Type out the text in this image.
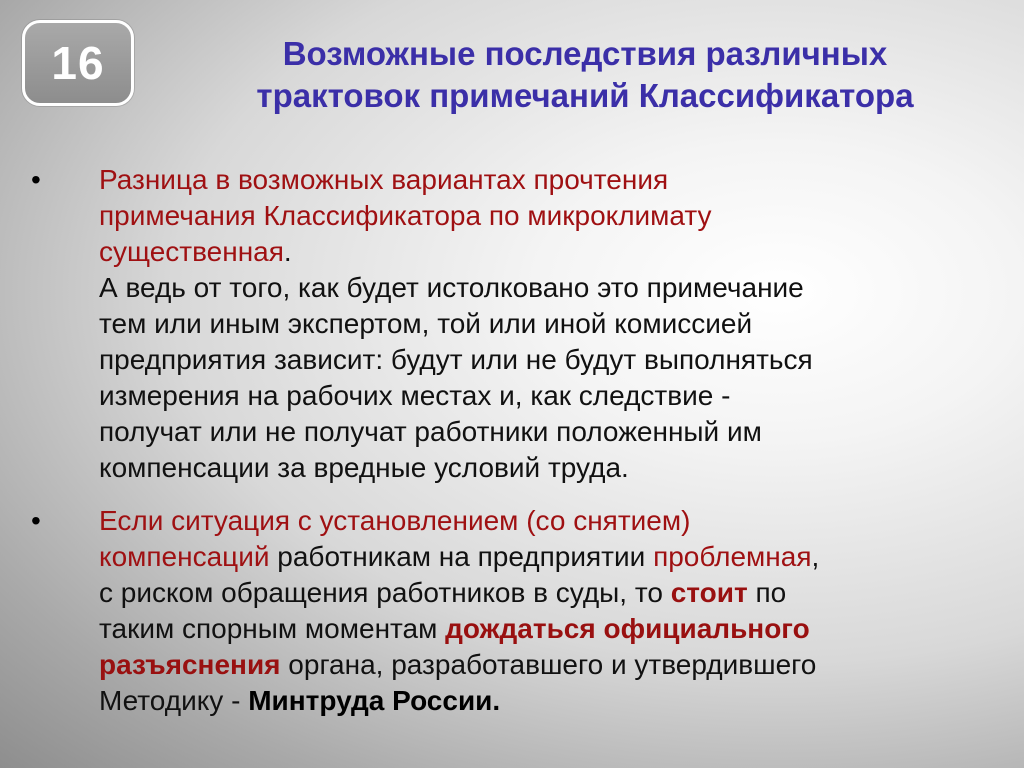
16	Возможные последствия различных
трактовок примечаний Классификатора
• Разница в возможных вариантах прочтения
примечания Классификатора по микроклимату
существенная.
А ведь от того, как будет истолковано это примечание
тем или иным экспертом, той или иной комиссией
предприятия зависит: будут или не будут выполняться
измерения на рабочих местах и, как следствие -
получат или не получат работники положенный им
компенсации за вредные условий труда.

• Если ситуация с установлением (со снятием)
компенсаций работникам на предприятии проблемная,
с риском обращения работников в суды, то стоит по
таким спорным моментам дождаться официального
разъяснения органа, разработавшего и утвердившего
Методику - Минтруда России.
